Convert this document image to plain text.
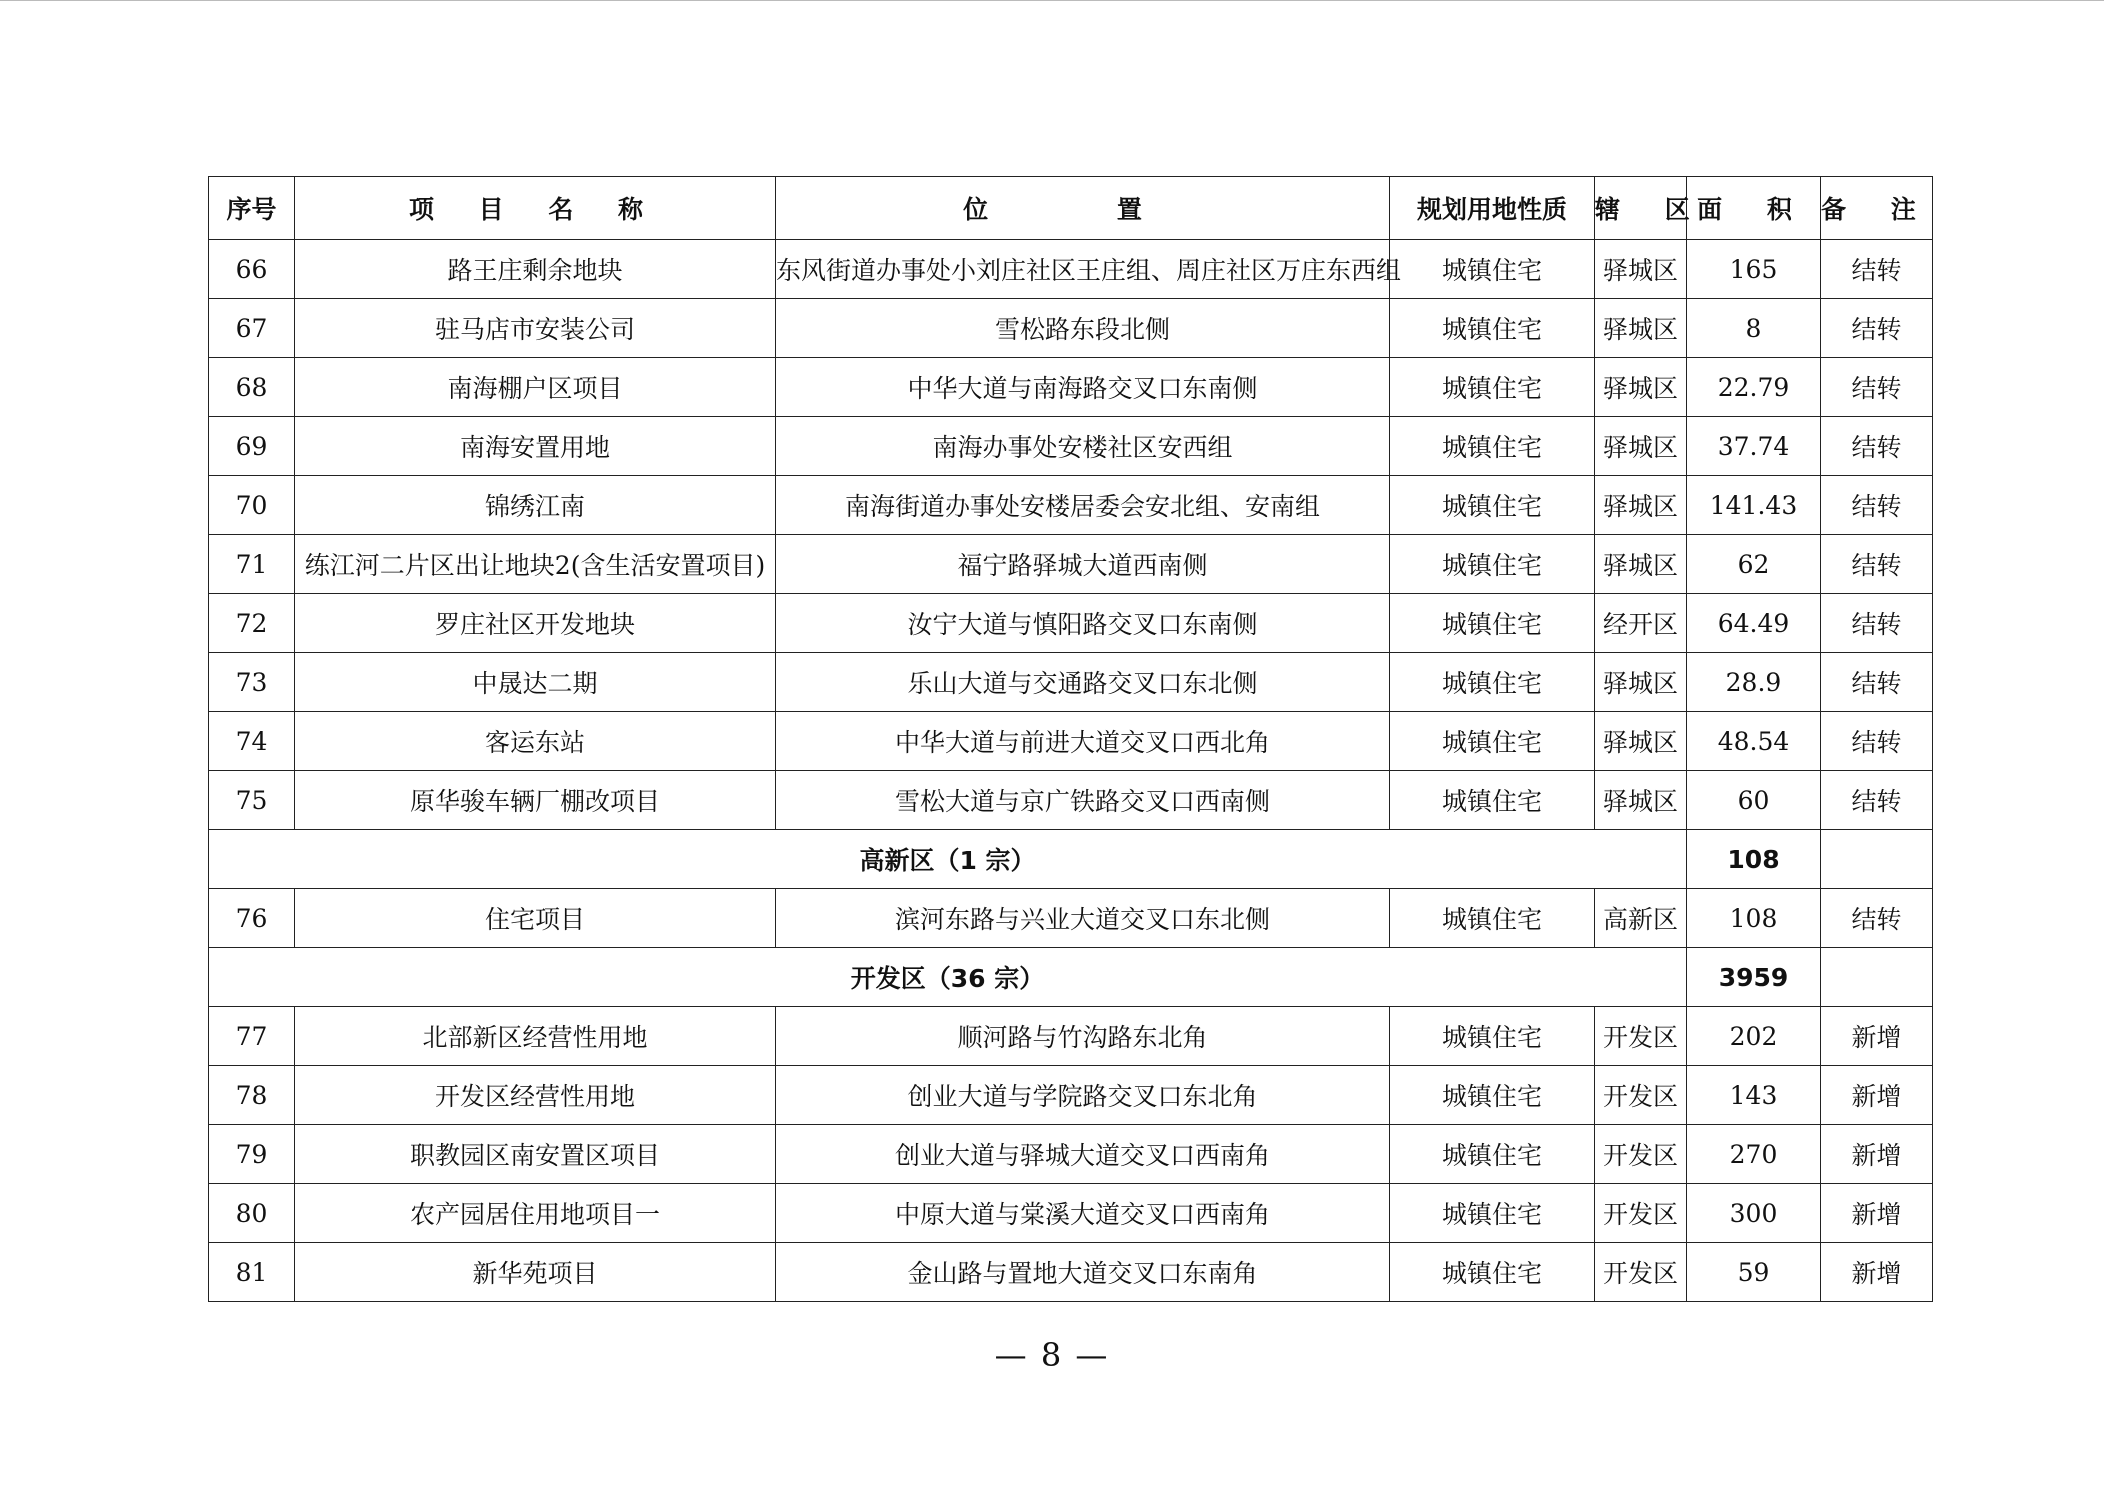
序号	项 目 名 称	位 置	规划用地性质	辖 区	面 积	备 注
66	路王庄剩余地块	东风街道办事处小刘庄社区王庄组、周庄社区万庄东西组	城镇住宅	驿城区	165	结转
67	驻马店市安装公司	雪松路东段北侧	城镇住宅	驿城区	8	结转
68	南海棚户区项目	中华大道与南海路交叉口东南侧	城镇住宅	驿城区	22.79	结转
69	南海安置用地	南海办事处安楼社区安西组	城镇住宅	驿城区	37.74	结转
70	锦绣江南	南海街道办事处安楼居委会安北组、安南组	城镇住宅	驿城区	141.43	结转
71	练江河二片区出让地块2(含生活安置项目)	福宁路驿城大道西南侧	城镇住宅	驿城区	62	结转
72	罗庄社区开发地块	汝宁大道与慎阳路交叉口东南侧	城镇住宅	经开区	64.49	结转
73	中晟达二期	乐山大道与交通路交叉口东北侧	城镇住宅	驿城区	28.9	结转
74	客运东站	中华大道与前进大道交叉口西北角	城镇住宅	驿城区	48.54	结转
75	原华骏车辆厂棚改项目	雪松大道与京广铁路交叉口西南侧	城镇住宅	驿城区	60	结转
高新区（1 宗）					108	
76	住宅项目	滨河东路与兴业大道交叉口东北侧	城镇住宅	高新区	108	结转
开发区（36 宗）					3959	
77	北部新区经营性用地	顺河路与竹沟路东北角	城镇住宅	开发区	202	新增
78	开发区经营性用地	创业大道与学院路交叉口东北角	城镇住宅	开发区	143	新增
79	职教园区南安置区项目	创业大道与驿城大道交叉口西南角	城镇住宅	开发区	270	新增
80	农产园居住用地项目一	中原大道与棠溪大道交叉口西南角	城镇住宅	开发区	300	新增
81	新华苑项目	金山路与置地大道交叉口东南角	城镇住宅	开发区	59	新增
— 8 —
